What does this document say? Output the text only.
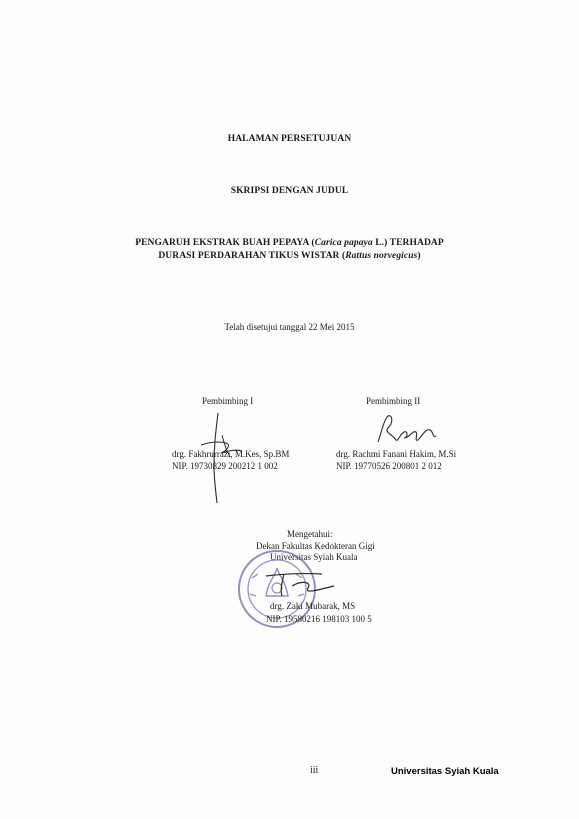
HALAMAN PERSETUJUAN
SKRIPSI DENGAN JUDUL
PENGARUH EKSTRAK BUAH PEPAYA (Carica papaya L.) TERHADAP
DURASI PERDARAHAN TIKUS WISTAR (Rattus norvegicus)
Telah disetujui tanggal 22 Mei 2015
Pembimbing I
drg. Fakhrurrazi, M.Kes, Sp.BM
NIP. 19730829 200212 1 002
Pembimbing II
drg. Rachmi Fanani Hakim, M.Si
NIP. 19770526 200801 2 012
Mengetahui:
Dekan Fakultas Kedokteran Gigi
Universitas Syiah Kuala
drg. Zaki Mubarak, MS
NIP. 19580216 198103 100 5
iii	Universitas Syiah Kuala
